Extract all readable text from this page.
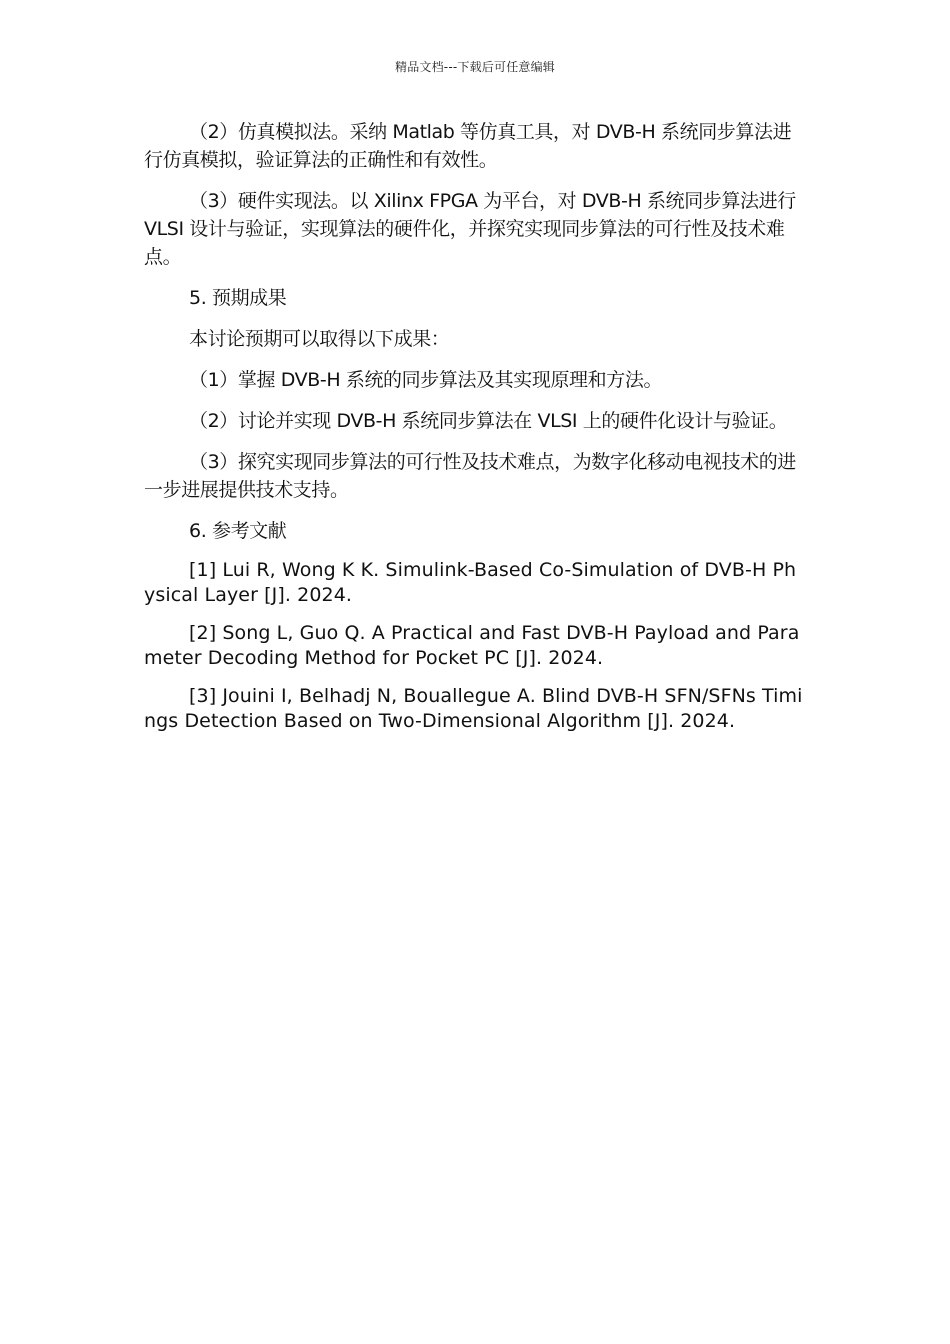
精品文档---下载后可任意编辑

（2）仿真模拟法。采纳 Matlab 等仿真工具，对 DVB-H 系统同步算法进行仿真模拟，验证算法的正确性和有效性。

（3）硬件实现法。以 Xilinx FPGA 为平台，对 DVB-H 系统同步算法进行 VLSI 设计与验证，实现算法的硬件化，并探究实现同步算法的可行性及技术难点。

5. 预期成果

本讨论预期可以取得以下成果：

（1）掌握 DVB-H 系统的同步算法及其实现原理和方法。

（2）讨论并实现 DVB-H 系统同步算法在 VLSI 上的硬件化设计与验证。

（3）探究实现同步算法的可行性及技术难点，为数字化移动电视技术的进一步进展提供技术支持。

6. 参考文献

[1] Lui R, Wong K K. Simulink-Based Co-Simulation of DVB-H Physical Layer [J]. 2024.

[2] Song L, Guo Q. A Practical and Fast DVB-H Payload and Parameter Decoding Method for Pocket PC [J]. 2024.

[3] Jouini I, Belhadj N, Bouallegue A. Blind DVB-H SFN/SFNs Timings Detection Based on Two-Dimensional Algorithm [J]. 2024.
